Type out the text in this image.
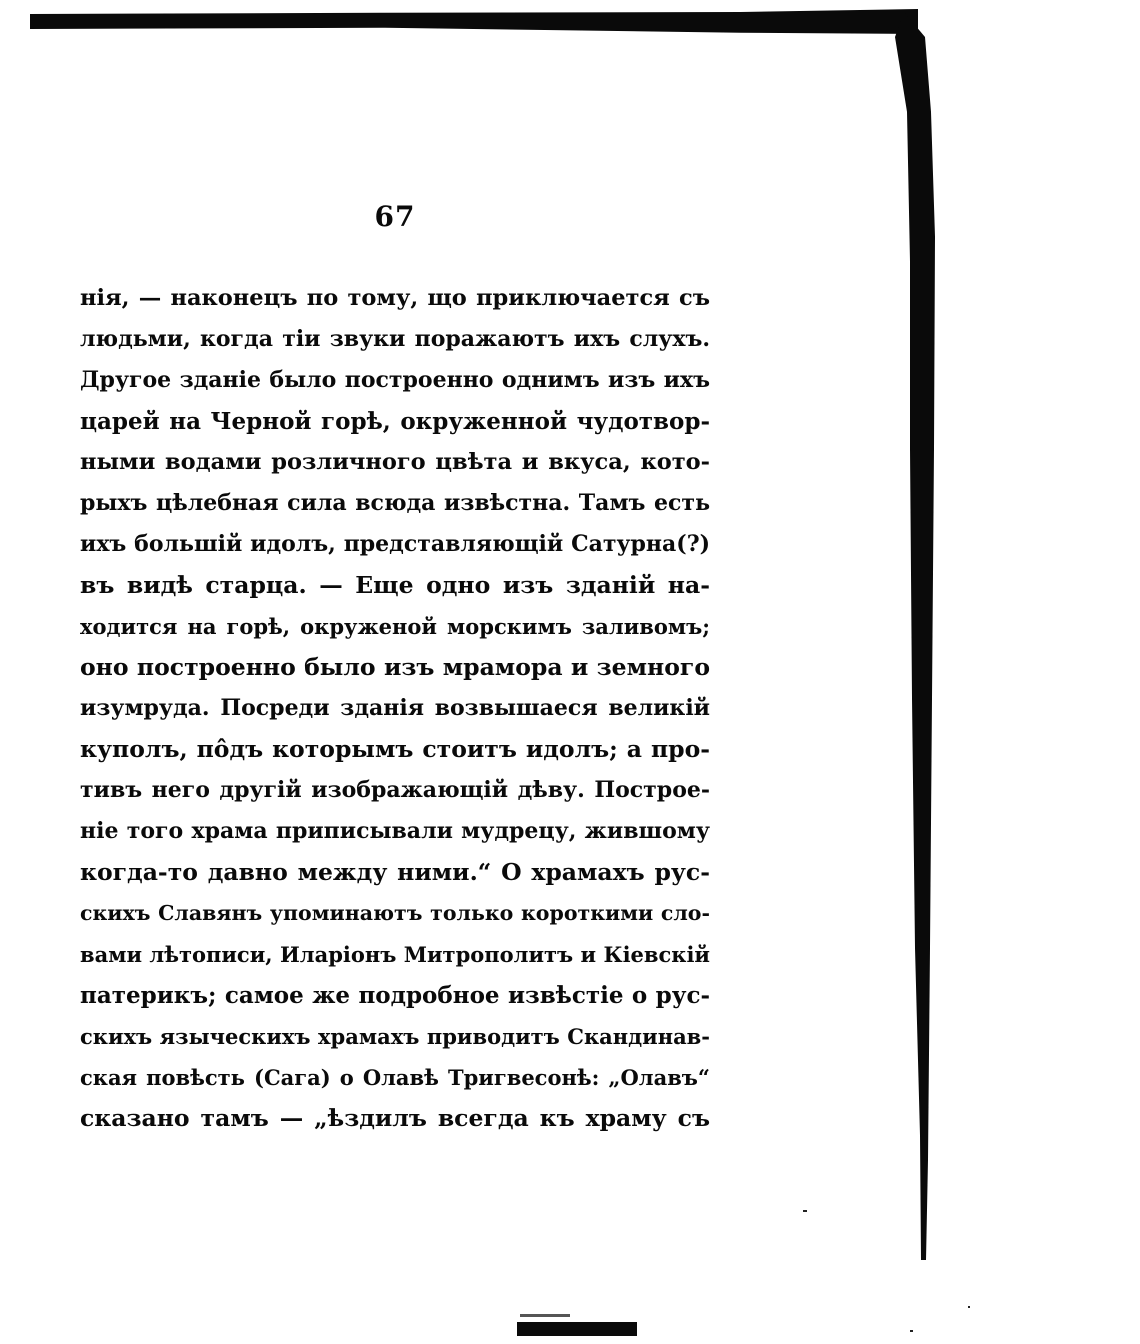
67
нія, — наконецъ по тому, що приключается съ
людьми, когда тіи звуки поражаютъ ихъ слухъ.
Другое зданіе было построенно однимъ изъ ихъ
царей на Черной горѣ, окруженной чудотвор-
ными водами розличного цвѣта и вкуса, кото-
рыхъ цѣлебная сила всюда извѣстна. Тамъ есть
ихъ большій идолъ, представляющій Сатурна(?)
въ видѣ старца. — Еще одно изъ зданій на-
ходится на горѣ, окруженой морскимъ заливомъ;
оно построенно было изъ мрамора и земного
изумруда. Посреди зданія возвышаеся великій
куполъ, пôдъ которымъ стоитъ идолъ; а про-
тивъ него другій изображающій дѣву. Построе-
ніе того храма приписывали мудрецу, жившому
когда-то давно между ними.“ О храмахъ рус-
скихъ Славянъ упоминаютъ только короткими сло-
вами лѣтописи, Иларіонъ Митрополитъ и Кіевскій
патерикъ; самое же подробное извѣстіе о рус-
скихъ языческихъ храмахъ приводитъ Скандинав-
ская повѣсть (Сага) о Олавѣ Тригвесонѣ: „Олавъ“
сказано тамъ — „ѣздилъ всегда къ храму съ
